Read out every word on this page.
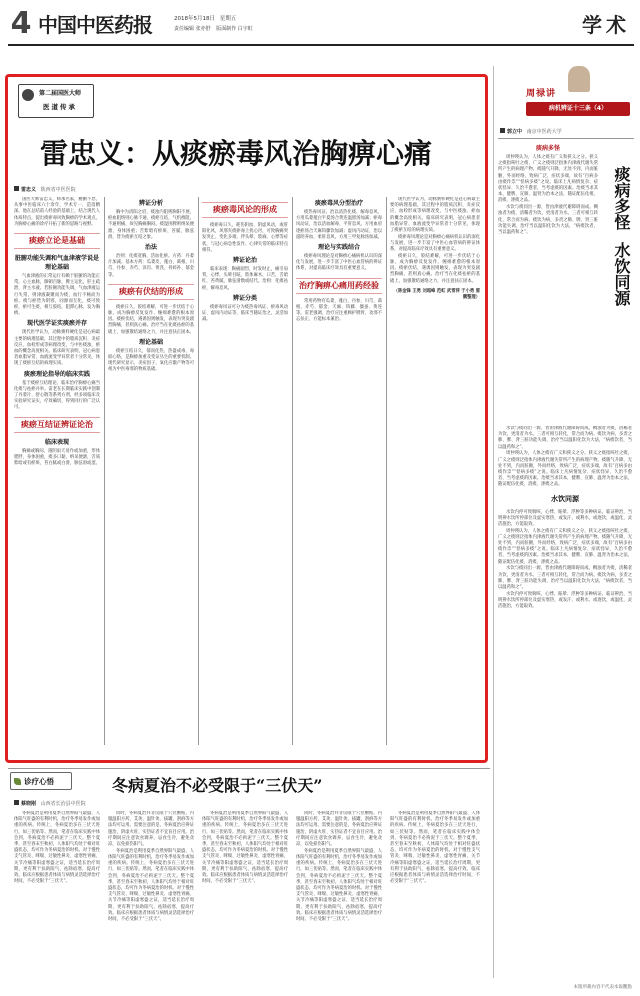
4 中国中医药报	2018年5月18日 星期五
责任编辑 张亦舒 版面制作 白宇虹	学术
第二届国医大师
医道传承
雷忠义：从痰瘀毒风治胸痹心痛
雷忠义 陕西省中医医院

国医大师雷忠义，师承名家，精勤不怠，从事中医临床六十余年，学术专一，造诣精深。他在总结前人经验的基础上，结合现代人体质特点，提出痰瘀毒风致胸痹的学术观点，为胸痹心痛的诊疗开拓了新的思路与视野。

痰瘀立论是基础
脏腑功能失调和气血津液学说是理论基础

气血津液的正常运行有赖于脏腑的功能正常。心主血脉，肺朝百脉，脾主运化，肝主疏泄，肾主水液。若脏腑功能失调，气血津液运行失常，则津液凝聚而为痰，血行不畅而为瘀。痰与瘀皆为阴邪，同源而互化，痰可致瘀，瘀可生痰，相互胶结，阻滞心脉，发为胸痹。

现代医学证实痰瘀并存

现代医学认为，动脉粥样硬化是冠心病最主要的病理基础，其过程中的脂质沉积、炎症反应、血栓形成等病理改变，与中医痰浊、瘀血的概念高度相关。临床研究表明，冠心病患者血脂异常、血液流变学异常者十分常见，体现了痰瘀互结的病理实质。

痰瘀理论指导的临床实践

基于痰瘀互结理论，临床治疗胸痹心痛当化痰与祛瘀并举。雷老在长期临床实践中创制了丹蒌片、舒心散等系列方剂，经多项临床及实验研究证实，疗效确切，得到同行的广泛认可。

痰瘀互结证辨证论治
临床表现

胸痛或胸闷，遇阴雨天易作或加重，形体肥胖，身体困重，痰多口黏，纳呆便溏，舌质紫暗或有瘀斑，苔白腻或白滑，脉弦滑或涩。

辨证分析

胸中为清阳之府，痰浊内阻则胸阳不展，瘀血阻络则心脉不通，痰瘀互结，气机痹阻，不通则痛，故见胸痛胸闷。痰湿困脾则纳呆便溏，身体困重；舌紫暗有瘀斑、苔腻、脉弦滑，皆为痰瘀互结之象。

治法

治则：化痰宽胸，活血化瘀。方药：丹蒌片加减。基本方药：瓜蒌皮、薤白、葛根、川芎、丹参、赤芍、泽泻、黄芪、骨碎补、郁金等。

痰瘀有伏结的形成

痰瘀日久，胶结难解，可进一步伏结于心脉，成为胸痹反复发作、缠绵难愈的根本原因。痰瘀伏结，遇诱因则触发，表现为突发剧烈胸痛，甚则真心痛。治疗当在化痰祛瘀的基础上，加强散结通络之力，并注意扶正固本。

理论基础

痰瘀互结日久，郁而化热，热盛成毒，毒损心络，是胸痹加重及变证丛生的重要机制。现代研究显示，炎症因子、氧化应激产物等可视为中医毒邪的物质基础。

痰瘀毒风论的形成

痰瘀毒日久，耗伤阴血，阴虚风动，或肝阳化风，风邪夹痰瘀毒上扰心窍，可致胸痛突发突止、变化多端，伴头晕、肢麻、心悸等症状，与冠心病急性发作、心律失常的临床特点相符。

辨证论治

临床表现：胸痛剧烈，时发时止，痛引肩背，心悸，头晕目眩，肢体麻木，口苦，舌暗红，苔黄腻，脉弦滑数或结代。治则：化痰祛瘀，解毒息风。

辨证分类

痰瘀毒风证可分为痰热毒风证、瘀毒风动证、虚风内动证等，临床当随证治之，灵活加减。

痰瘀毒风分型治疗

痰热毒风证，治以清热化痰、解毒息风，方用瓜蒌薤白半夏汤合黄连温胆汤加减；瘀毒风动证，治以活血解毒、平肝息风，方用血府逐瘀汤合天麻钩藤饮加减；虚风内动证，治以滋阴养血、柔肝息风，方用三甲复脉汤加减。

理论与实践结合

痰瘀毒风理论是对胸痹心痛病机认识的深化与发展，进一步丰富了中医心血管病的辨证体系，对提高临床疗效具有重要意义。

治疗胸痹心痛用药经验

常用药物有瓜蒌、薤白、丹参、川芎、葛根、赤芍、郁金、天麻、钩藤、僵蚕、黄连等。雷老强调，治疗应注重顾护脾胃，攻邪不忘扶正，方能标本兼治。

现代医学认为，动脉粥样硬化是冠心病最主要的病理基础，其过程中的脂质沉积、炎症反应、血栓形成等病理改变，与中医痰浊、瘀血的概念高度相关。临床研究表明，冠心病患者血脂异常、血液流变学异常者十分常见，体现了痰瘀互结的病理实质。

痰瘀毒风理论是对胸痹心痛病机认识的深化与发展，进一步丰富了中医心血管病的辨证体系，对提高临床疗效具有重要意义。

痰瘀日久，胶结难解，可进一步伏结于心脉，成为胸痹反复发作、缠绵难愈的根本原因。痰瘀伏结，遇诱因则触发，表现为突发剧烈胸痛，甚则真心痛。治疗当在化痰祛瘀的基础上，加强散结通络之力，并注意扶正固本。

（陈金锋 王勇 刘超峰 范虹 武雪萍 于小勇 雷鹏整理）
周禄讲
病机辨证十三条（4）
郭立中 南京中医药大学
痰病多怪 水饮同源
痰病多怪

周仲瑛认为，人体之痰有广义和狭义之分。狭义之痰指咳吐之痰，广义之痰则泛指体内津液代谢失常所产生的病理产物。痰随气升降，无处不到，内而脏腑，外而经络，致病广泛，症状多端，故有“百病多由痰作祟”“怪病多痰”之说。临床上凡病情复杂、症状怪异、久治不愈者，当考虑痰的因素。治痰当求其本，健脾、宣肺、温肾为治本之法，随证配伍化痰、消痰、涤痰之品。

水饮与痰同出一源，皆由津液代谢障碍而成。稠浊者为痰，清稀者为饮，更清者为水。三者可相互转化，常合而为病。痰饮为病，多责之肺、脾、肾三脏功能失调，治疗当以温阳化饮为大法，“病痰饮者，当以温药和之”。

水饮与痰同出一源，皆由津液代谢障碍而成。稠浊者为痰，清稀者为饮，更清者为水。三者可相互转化，常合而为病。痰饮为病，多责之肺、脾、肾三脏功能失调，治疗当以温阳化饮为大法，“病痰饮者，当以温药和之”。

周仲瑛认为，人体之痰有广义和狭义之分。狭义之痰指咳吐之痰，广义之痰则泛指体内津液代谢失常所产生的病理产物。痰随气升降，无处不到，内而脏腑，外而经络，致病广泛，症状多端，故有“百病多由痰作祟”“怪病多痰”之说。临床上凡病情复杂、症状怪异、久治不愈者，当考虑痰的因素。治痰当求其本，健脾、宣肺、温肾为治本之法，随证配伍化痰、消痰、涤痰之品。

水饮同源

水饮内停可致喘咳、心悸、眩晕、浮肿等多种病证。临证辨治，当明辨水饮所停部位及虚实寒热，或发汗，或利水，或逐饮，或温化，灵活施治，方能取效。

周仲瑛认为，人体之痰有广义和狭义之分。狭义之痰指咳吐之痰，广义之痰则泛指体内津液代谢失常所产生的病理产物。痰随气升降，无处不到，内而脏腑，外而经络，致病广泛，症状多端，故有“百病多由痰作祟”“怪病多痰”之说。临床上凡病情复杂、症状怪异、久治不愈者，当考虑痰的因素。治痰当求其本，健脾、宣肺、温肾为治本之法，随证配伍化痰、消痰、涤痰之品。

水饮与痰同出一源，皆由津液代谢障碍而成。稠浊者为痰，清稀者为饮，更清者为水。三者可相互转化，常合而为病。痰饮为病，多责之肺、脾、肾三脏功能失调，治疗当以温阳化饮为大法，“病痰饮者，当以温药和之”。

水饮内停可致喘咳、心悸、眩晕、浮肿等多种病证。临证辨治，当明辨水饮所停部位及虚实寒热，或发汗，或利水，或逐饮，或温化，灵活施治，方能取效。

诊疗心悟	冬病夏治不必受限于“三伏天”
蔡晓刚 山西省长治县中医院

冬病夏治是利用夏季自然界阳气最盛、人体阳气旺盛的有利时机，治疗冬季易发作或加重的疾病。传统上，冬病夏治多在三伏天进行，如三伏贴等。然而，笔者在临床实践中体会到，冬病夏治不必拘泥于三伏天。整个夏季，甚至春末至秋初，人体阳气均处于相对旺盛状态，均可作为冬病夏治的时机。对于慢性支气管炎、哮喘、过敏性鼻炎、虚寒性胃痛、关节冷痛等阳虚寒盛之证，适当延长治疗周期，更有利于扶助阳气、祛除宿寒，提高疗效。临床应根据患者体质与病情灵活选择治疗时间，不必受限于“三伏天”。

同时，冬病夏治并非仅限于穴位敷贴，内服温阳方药、艾灸、温针灸、拔罐、刮痧等方法均可运用。需要注意的是，冬病夏治应辨证施治，阴虚火旺、实热证者不宜盲目应用。治疗期间应注意饮食调养，忌食生冷，避免贪凉，以免损伤阳气。

冬病夏治是利用夏季自然界阳气最盛、人体阳气旺盛的有利时机，治疗冬季易发作或加重的疾病。传统上，冬病夏治多在三伏天进行，如三伏贴等。然而，笔者在临床实践中体会到，冬病夏治不必拘泥于三伏天。整个夏季，甚至春末至秋初，人体阳气均处于相对旺盛状态，均可作为冬病夏治的时机。对于慢性支气管炎、哮喘、过敏性鼻炎、虚寒性胃痛、关节冷痛等阳虚寒盛之证，适当延长治疗周期，更有利于扶助阳气、祛除宿寒，提高疗效。临床应根据患者体质与病情灵活选择治疗时间，不必受限于“三伏天”。

冬病夏治是利用夏季自然界阳气最盛、人体阳气旺盛的有利时机，治疗冬季易发作或加重的疾病。传统上，冬病夏治多在三伏天进行，如三伏贴等。然而，笔者在临床实践中体会到，冬病夏治不必拘泥于三伏天。整个夏季，甚至春末至秋初，人体阳气均处于相对旺盛状态，均可作为冬病夏治的时机。对于慢性支气管炎、哮喘、过敏性鼻炎、虚寒性胃痛、关节冷痛等阳虚寒盛之证，适当延长治疗周期，更有利于扶助阳气、祛除宿寒，提高疗效。临床应根据患者体质与病情灵活选择治疗时间，不必受限于“三伏天”。

同时，冬病夏治并非仅限于穴位敷贴，内服温阳方药、艾灸、温针灸、拔罐、刮痧等方法均可运用。需要注意的是，冬病夏治应辨证施治，阴虚火旺、实热证者不宜盲目应用。治疗期间应注意饮食调养，忌食生冷，避免贪凉，以免损伤阳气。

冬病夏治是利用夏季自然界阳气最盛、人体阳气旺盛的有利时机，治疗冬季易发作或加重的疾病。传统上，冬病夏治多在三伏天进行，如三伏贴等。然而，笔者在临床实践中体会到，冬病夏治不必拘泥于三伏天。整个夏季，甚至春末至秋初，人体阳气均处于相对旺盛状态，均可作为冬病夏治的时机。对于慢性支气管炎、哮喘、过敏性鼻炎、虚寒性胃痛、关节冷痛等阳虚寒盛之证，适当延长治疗周期，更有利于扶助阳气、祛除宿寒，提高疗效。临床应根据患者体质与病情灵活选择治疗时间，不必受限于“三伏天”。

冬病夏治是利用夏季自然界阳气最盛、人体阳气旺盛的有利时机，治疗冬季易发作或加重的疾病。传统上，冬病夏治多在三伏天进行，如三伏贴等。然而，笔者在临床实践中体会到，冬病夏治不必拘泥于三伏天。整个夏季，甚至春末至秋初，人体阳气均处于相对旺盛状态，均可作为冬病夏治的时机。对于慢性支气管炎、哮喘、过敏性鼻炎、虚寒性胃痛、关节冷痛等阳虚寒盛之证，适当延长治疗周期，更有利于扶助阳气、祛除宿寒，提高疗效。临床应根据患者体质与病情灵活选择治疗时间，不必受限于“三伏天”。

本版所載內容不代表本報觀點
